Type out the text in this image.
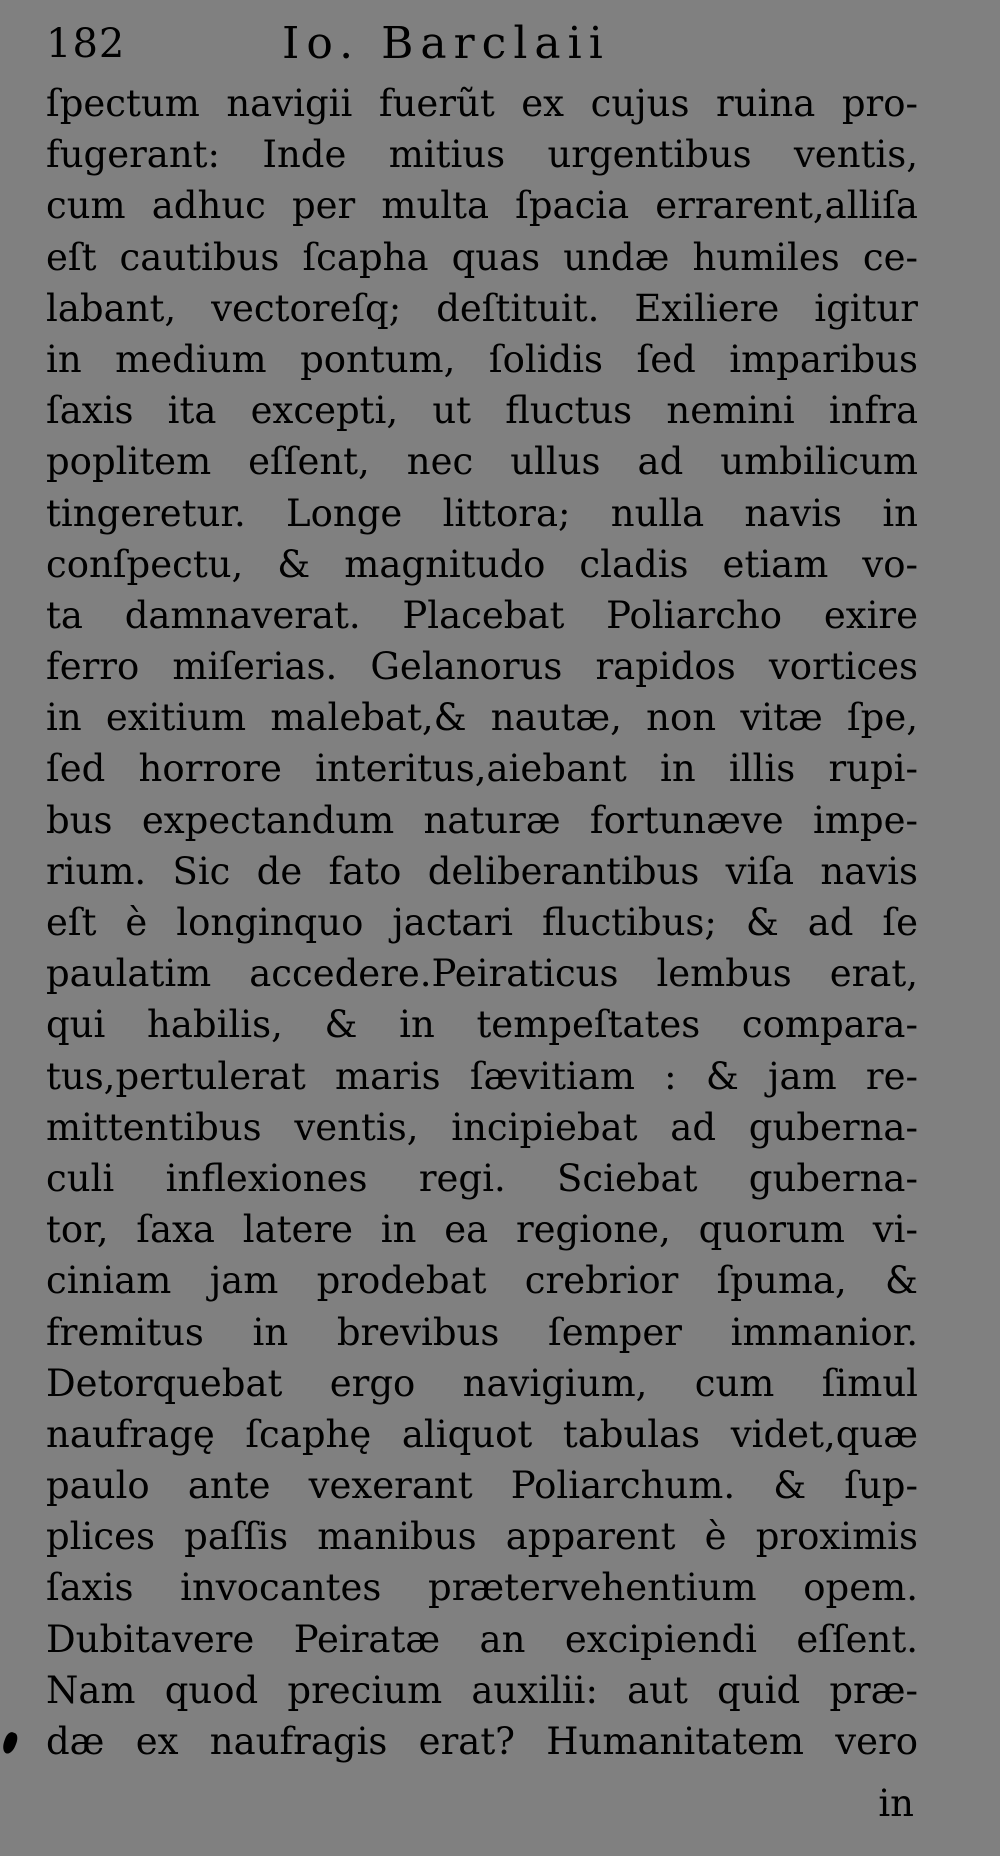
182	Io. Barclaii
ſpectum navigii fuerũt ex cujus ruina pro-
fugerant: Inde mitius urgentibus ventis,
cum adhuc per multa ſpacia errarent,alliſa
eſt cautibus ſcapha quas undæ humiles ce-
labant, vectoreſq; deſtituit. Exiliere igitur
in medium pontum, ſolidis ſed imparibus
ſaxis ita excepti, ut fluctus nemini infra
poplitem eſſent, nec ullus ad umbilicum
tingeretur. Longe littora; nulla navis in
conſpectu, & magnitudo cladis etiam vo-
ta damnaverat. Placebat Poliarcho exire
ferro miſerias. Gelanorus rapidos vortices
in exitium malebat,& nautæ, non vitæ ſpe,
ſed horrore interitus,aiebant in illis rupi-
bus expectandum naturæ fortunæve impe-
rium. Sic de fato deliberantibus viſa navis
eſt è longinquo jactari fluctibus; & ad ſe
paulatim accedere.Peiraticus lembus erat,
qui habilis, & in tempeſtates compara-
tus,pertulerat maris ſævitiam : & jam re-
mittentibus ventis, incipiebat ad guberna-
culi inflexiones regi. Sciebat guberna-
tor, ſaxa latere in ea regione, quorum vi-
ciniam jam prodebat crebrior ſpuma, &
fremitus in brevibus ſemper immanior.
Detorquebat ergo navigium, cum ſimul
naufragę ſcaphę aliquot tabulas videt,quæ
paulo ante vexerant Poliarchum. & ſup-
plices paſſis manibus apparent è proximis
ſaxis invocantes prætervehentium opem.
Dubitavere Peiratæ an excipiendi eſſent.
Nam quod precium auxilii: aut quid præ-
dæ ex naufragis erat? Humanitatem vero
in
